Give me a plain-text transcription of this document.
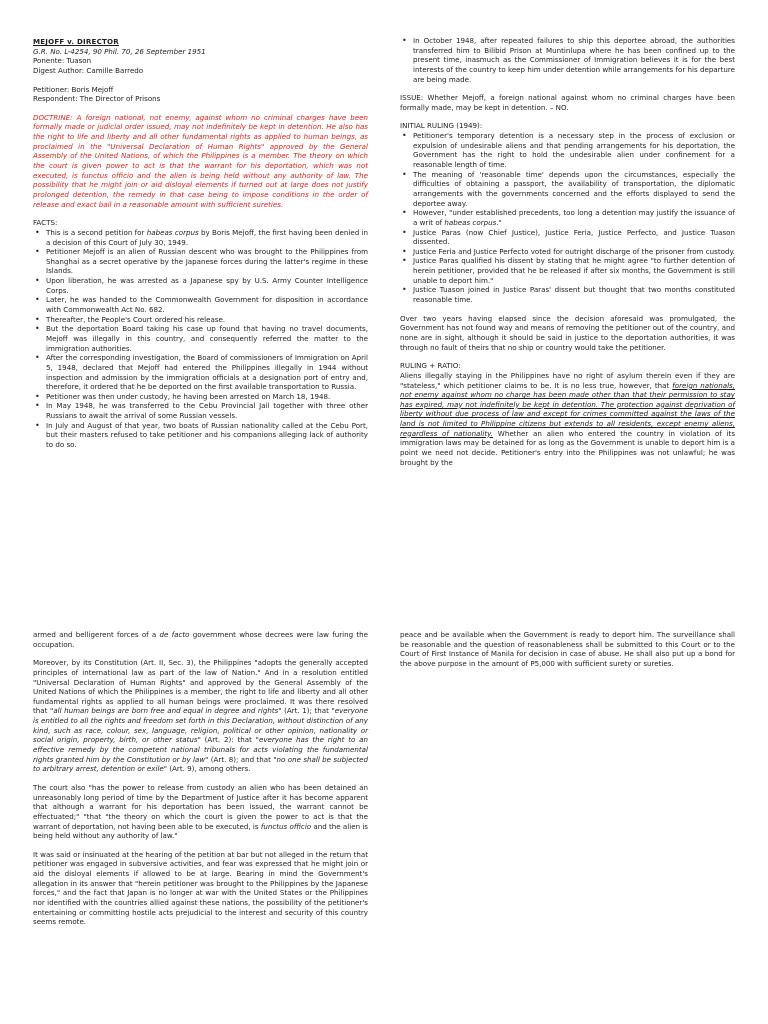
MEJOFF v. DIRECTOR

G.R. No. L-4254, 90 Phil. 70, 26 September 1951

Ponente: Tuason

Digest Author: Camille Barredo

Petitioner: Boris Mejoff

Respondent: The Director of Prisons

DOCTRINE: A foreign national, not enemy, against whom no criminal charges have been formally made or judicial order issued, may not indefinitely be kept in detention. He also has the right to life and liberty and all other fundamental rights as applied to human beings, as proclaimed in the "Universal Declaration of Human Rights" approved by the General Assembly of the United Nations, of which the Philippines is a member. The theory on which the court is given power to act is that the warrant for his deportation, which was not executed, is functus officio and the alien is being held without any authority of law. The possibility that he might join or aid disloyal elements if turned out at large does not justify prolonged detention, the remedy in that case being to impose conditions in the order of release and exact bail in a reasonable amount with sufficient sureties.

FACTS:

• This is a second petition for habeas corpus by Boris Mejoff, the first having been denied in a decision of this Court of July 30, 1949.
• Petitioner Mejoff is an alien of Russian descent who was brought to the Philippines from Shanghai as a secret operative by the Japanese forces during the latter's regime in these Islands.
• Upon liberation, he was arrested as a Japanese spy by U.S. Army Counter Intelligence Corps.
• Later, he was handed to the Commonwealth Government for disposition in accordance with Commonwealth Act No. 682.
• Thereafter, the People's Court ordered his release.
• But the deportation Board taking his case up found that having no travel documents, Mejoff was illegally in this country, and consequently referred the matter to the immigration authorities.
• After the corresponding investigation, the Board of commissioners of Immigration on April 5, 1948, declared that Mejoff had entered the Philippines illegally in 1944 without inspection and admission by the immigration officials at a designation port of entry and, therefore, it ordered that he be deported on the first available transportation to Russia.
• Petitioner was then under custody, he having been arrested on March 18, 1948.
• In May 1948, he was transferred to the Cebu Provincial Jail together with three other Russians to await the arrival of some Russian vessels.
• In July and August of that year, two boats of Russian nationality called at the Cebu Port, but their masters refused to take petitioner and his companions alleging lack of authority to do so.
• In October 1948, after repeated failures to ship this deportee abroad, the authorities transferred him to Bilibid Prison at Muntinlupa where he has been confined up to the present time, inasmuch as the Commissioner of Immigration believes it is for the best interests of the country to keep him under detention while arrangements for his departure are being made.

ISSUE: Whether Mejoff, a foreign national against whom no criminal charges have been formally made, may be kept in detention. – NO.

INITIAL RULING (1949):

• Petitioner's temporary detention is a necessary step in the process of exclusion or expulsion of undesirable aliens and that pending arrangements for his deportation, the Government has the right to hold the undesirable alien under confinement for a reasonable length of time.
• The meaning of 'reasonable time' depends upon the circumstances, especially the difficulties of obtaining a passport, the availability of transportation, the diplomatic arrangements with the governments concerned and the efforts displayed to send the deportee away.
• However, "under established precedents, too long a detention may justify the issuance of a writ of habeas corpus."
• Justice Paras (now Chief Justice), Justice Feria, Justice Perfecto, and Justice Tuason dissented.
• Justice Feria and Justice Perfecto voted for outright discharge of the prisoner from custody.
• Justice Paras qualified his dissent by stating that he might agree "to further detention of herein petitioner, provided that he be released if after six months, the Government is still unable to deport him."
• Justice Tuason joined in Justice Paras' dissent but thought that two months constituted reasonable time.

Over two years having elapsed since the decision aforesaid was promulgated, the Government has not found way and means of removing the petitioner out of the country, and none are in sight, although it should be said in justice to the deportation authorities, it was through no fault of theirs that no ship or country would take the petitioner.

RULING + RATIO:

Aliens illegally staying in the Philippines have no right of asylum therein even if they are "stateless," which petitioner claims to be. It is no less true, however, that foreign nationals, not enemy against whom no charge has been made other than that their permission to stay has expired, may not indefinitely be kept in detention. The protection against deprivation of liberty without due process of law and except for crimes committed against the laws of the land is not limited to Philippine citizens but extends to all residents, except enemy aliens, regardless of nationality. Whether an alien who entered the country in violation of its immigration laws may be detained for as long as the Government is unable to deport him is a point we need not decide. Petitioner's entry into the Philippines was not unlawful; he was brought by the

armed and belligerent forces of a de facto government whose decrees were law furing the occupation.

Moreover, by its Constitution (Art. II, Sec. 3), the Philippines "adopts the generally accepted principles of international law as part of the law of Nation." And in a resolution entitled "Universal Declaration of Human Rights" and approved by the General Assembly of the United Nations of which the Philippines is a member, the right to life and liberty and all other fundamental rights as applied to all human beings were proclaimed. It was there resolved that "all human beings are born free and equal in degree and rights" (Art. 1); that "everyone is entitled to all the rights and freedom set forth in this Declaration, without distinction of any kind, such as race, colour, sex, language, religion, political or other opinion, nationality or social origin, property, birth, or other status" (Art. 2): that "everyone has the right to an effective remedy by the competent national tribunals for acts violating the fundamental rights granted him by the Constitution or by law" (Art. 8); and that "no one shall be subjected to arbitrary arrest, detention or exile" (Art. 9), among others.

The court also "has the power to release from custody an alien who has been detained an unreasonably long period of time by the Department of Justice after it has become apparent that although a warrant for his deportation has been issued, the warrant cannot be effectuated;" "that "the theory on which the court is given the power to act is that the warrant of deportation, not having been able to be executed, is functus officio and the alien is being held without any authority of law."

It was said or insinuated at the hearing of the petition at bar but not alleged in the return that petitioner was engaged in subversive activities, and fear was expressed that he might join or aid the disloyal elements if allowed to be at large. Bearing in mind the Government's allegation in its answer that "herein petitioner was brought to the Philippines by the Japanese forces," and the fact that Japan is no longer at war with the United States or the Philippines nor identified with the countries allied against these nations, the possibility of the petitioner's entertaining or committing hostile acts prejudicial to the interest and security of this country seems remote.

peace and be available when the Government is ready to deport him. The surveillance shall be reasonable and the question of reasonableness shall be submitted to this Court or to the Court of First Instance of Manila for decision in case of abuse. He shall also put up a bond for the above purpose in the amount of P5,000 with sufficient surety or sureties.
